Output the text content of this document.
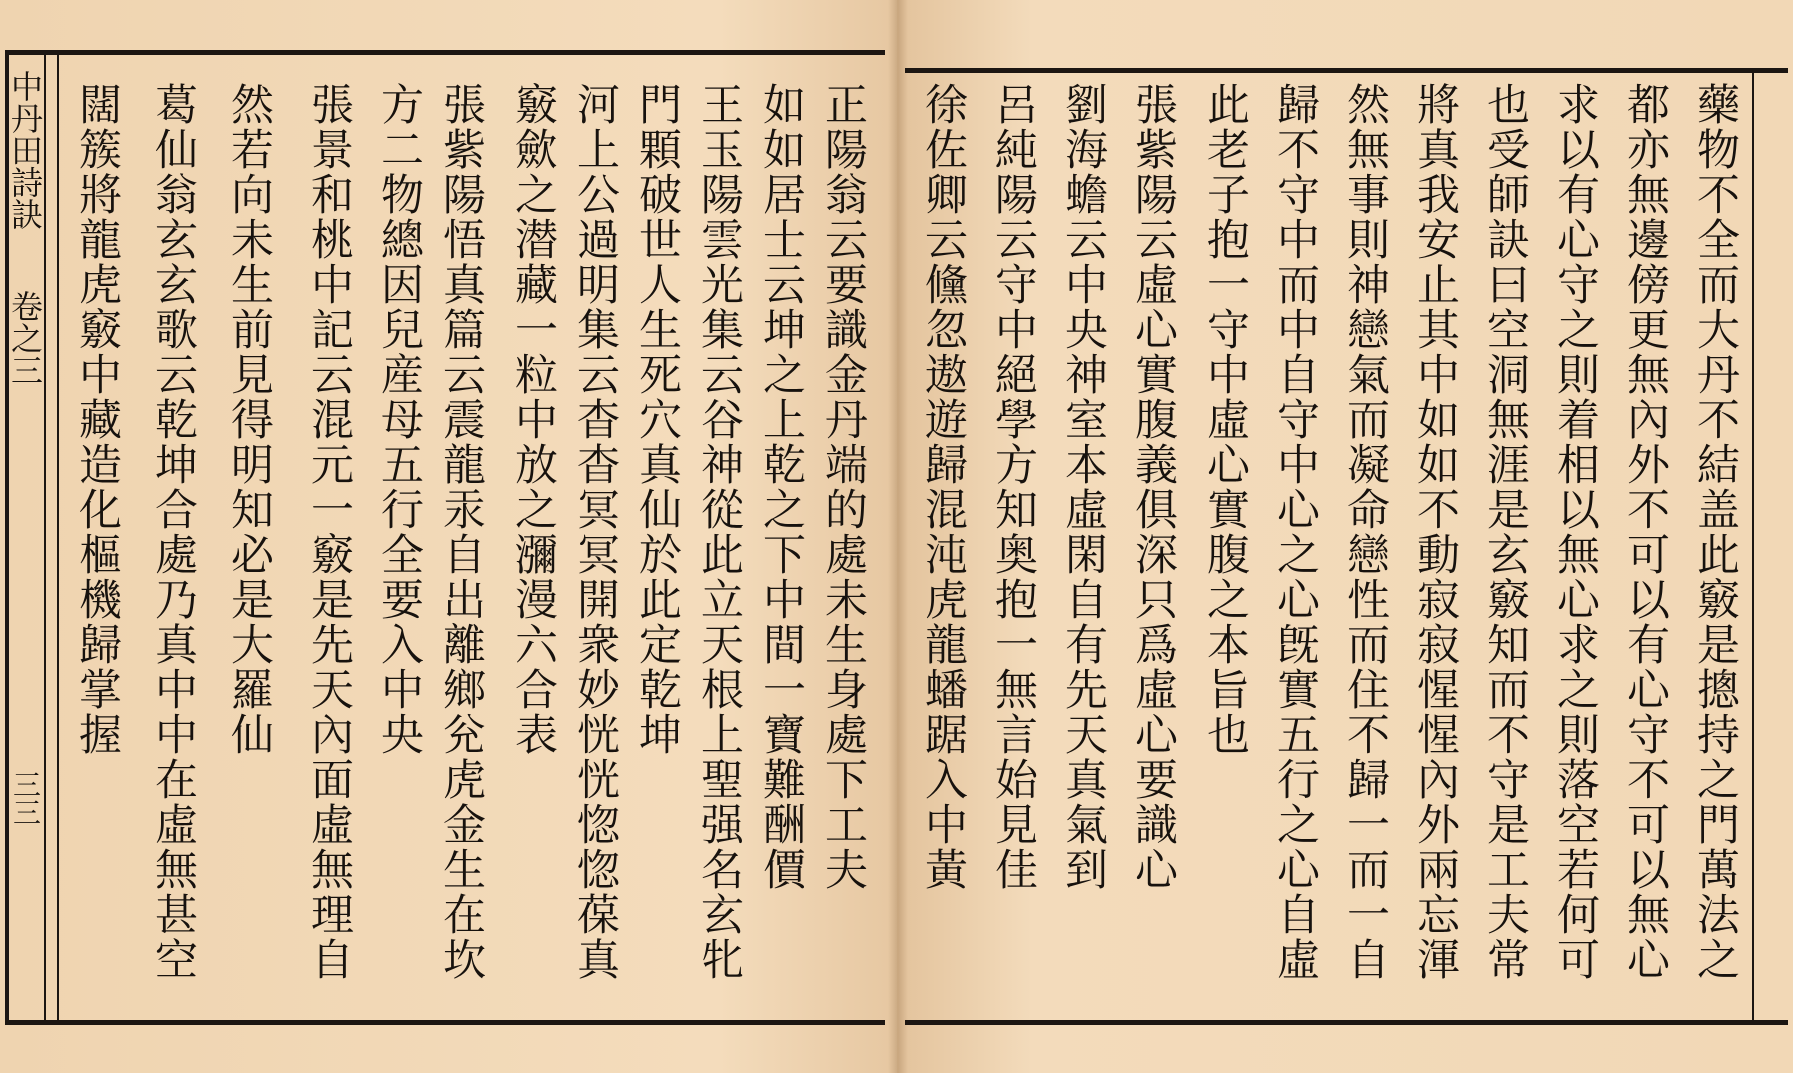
中丹田詩訣
卷之三
三三	正陽翁云要識金丹端的處未生身處下工夫
如如居士云坤之上乾之下中間一寶難酬價
王玉陽雲光集云谷神從此立天根上聖强名玄牝
門顆破世人生死穴真仙於此定乾坤
河上公過明集云杳杳冥冥開衆妙恍恍惚惚葆真
竅歛之潜藏一粒中放之瀰漫六合表
張紫陽悟真篇云震龍汞自出離鄉兊虎金生在坎
方二物總因兒産母五行全要入中央
張景和桃中記云混元一竅是先天內面虛無理自
然若向未生前見得明知必是大羅仙
葛仙翁玄玄歌云乾坤合處乃真中中在虛無甚空
闊簇將龍虎竅中藏造化樞機歸掌握	藥物不全而大丹不結盖此竅是摠持之門萬法之
都亦無邊傍更無內外不可以有心守不可以無心
求以有心守之則着相以無心求之則落空若何可
也受師訣曰空洞無涯是玄竅知而不守是工夫常
將真我安止其中如如不動寂寂惺惺內外兩忘渾
然無事則神戀氣而凝命戀性而住不歸一而一自
歸不守中而中自守中心之心旣實五行之心自虛
此老子抱一守中虛心實腹之本旨也
張紫陽云虛心實腹義俱深只爲虛心要識心
劉海蟾云中央神室本虛閑自有先天真氣到
呂純陽云守中絕學方知奥抱一無言始見佳
徐佐卿云儵忽遨遊歸混沌虎龍蟠踞入中黃
